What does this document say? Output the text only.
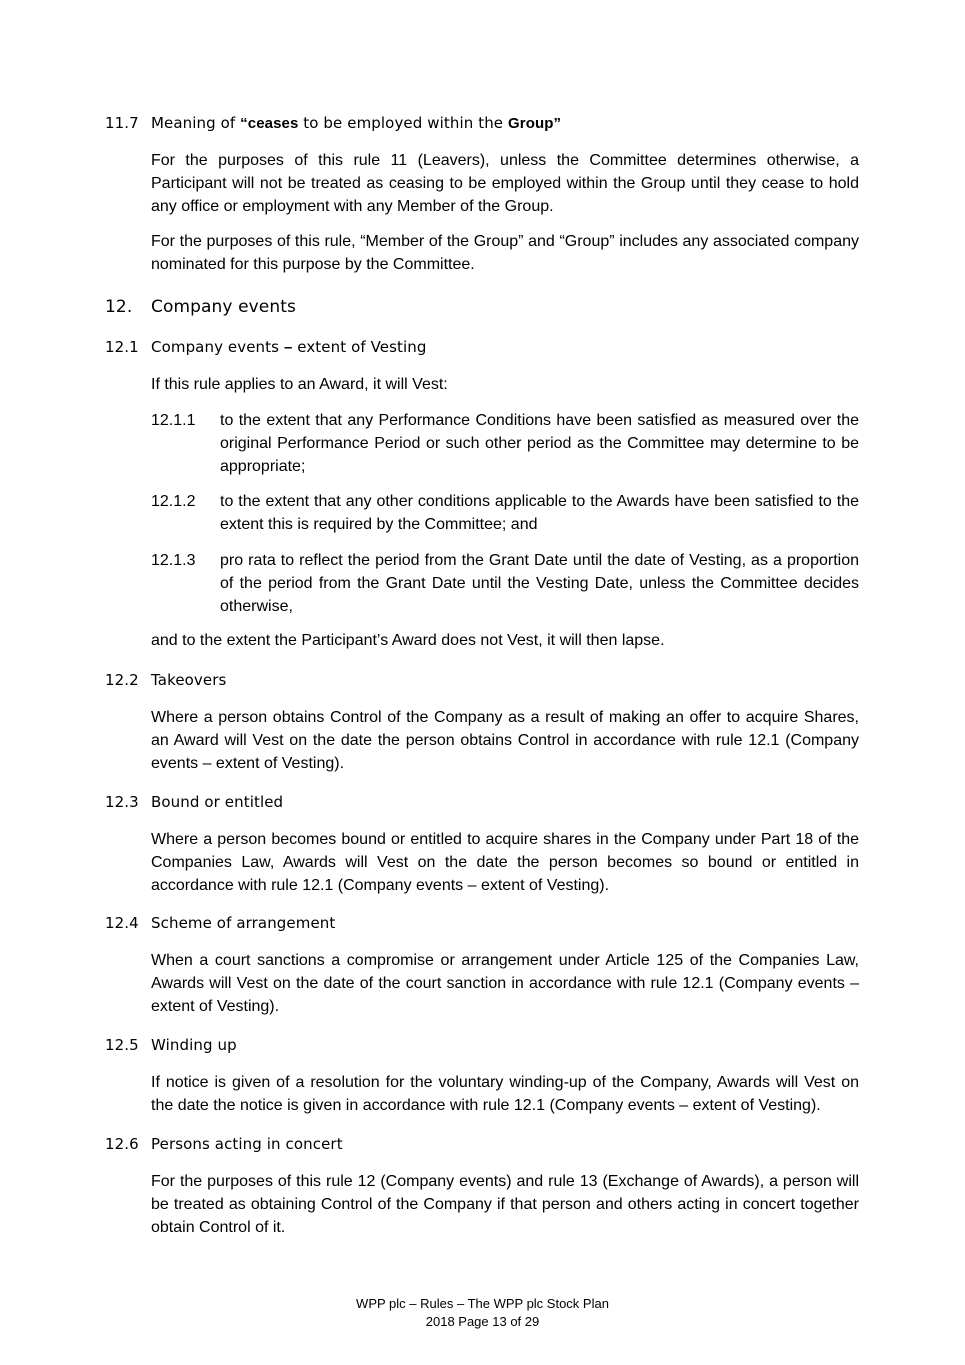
11.7 Meaning of “ceases to be employed within the Group”
For the purposes of this rule 11 (Leavers), unless the Committee determines otherwise, a Participant will not be treated as ceasing to be employed within the Group until they cease to hold any office or employment with any Member of the Group.
For the purposes of this rule, “Member of the Group” and “Group” includes any associated company nominated for this purpose by the Committee.
12. Company events
12.1 Company events – extent of Vesting
If this rule applies to an Award, it will Vest:
12.1.1 to the extent that any Performance Conditions have been satisfied as measured over the original Performance Period or such other period as the Committee may determine to be appropriate;
12.1.2 to the extent that any other conditions applicable to the Awards have been satisfied to the extent this is required by the Committee; and
12.1.3 pro rata to reflect the period from the Grant Date until the date of Vesting, as a proportion of the period from the Grant Date until the Vesting Date, unless the Committee decides otherwise,
and to the extent the Participant’s Award does not Vest, it will then lapse.
12.2 Takeovers
Where a person obtains Control of the Company as a result of making an offer to acquire Shares, an Award will Vest on the date the person obtains Control in accordance with rule 12.1 (Company events – extent of Vesting).
12.3 Bound or entitled
Where a person becomes bound or entitled to acquire shares in the Company under Part 18 of the Companies Law, Awards will Vest on the date the person becomes so bound or entitled in accordance with rule 12.1 (Company events – extent of Vesting).
12.4 Scheme of arrangement
When a court sanctions a compromise or arrangement under Article 125 of the Companies Law, Awards will Vest on the date of the court sanction in accordance with rule 12.1 (Company events – extent of Vesting).
12.5 Winding up
If notice is given of a resolution for the voluntary winding-up of the Company, Awards will Vest on the date the notice is given in accordance with rule 12.1 (Company events – extent of Vesting).
12.6 Persons acting in concert
For the purposes of this rule 12 (Company events) and rule 13 (Exchange of Awards), a person will be treated as obtaining Control of the Company if that person and others acting in concert together obtain Control of it.
WPP plc – Rules – The WPP plc Stock Plan
2018 Page 13 of 29
